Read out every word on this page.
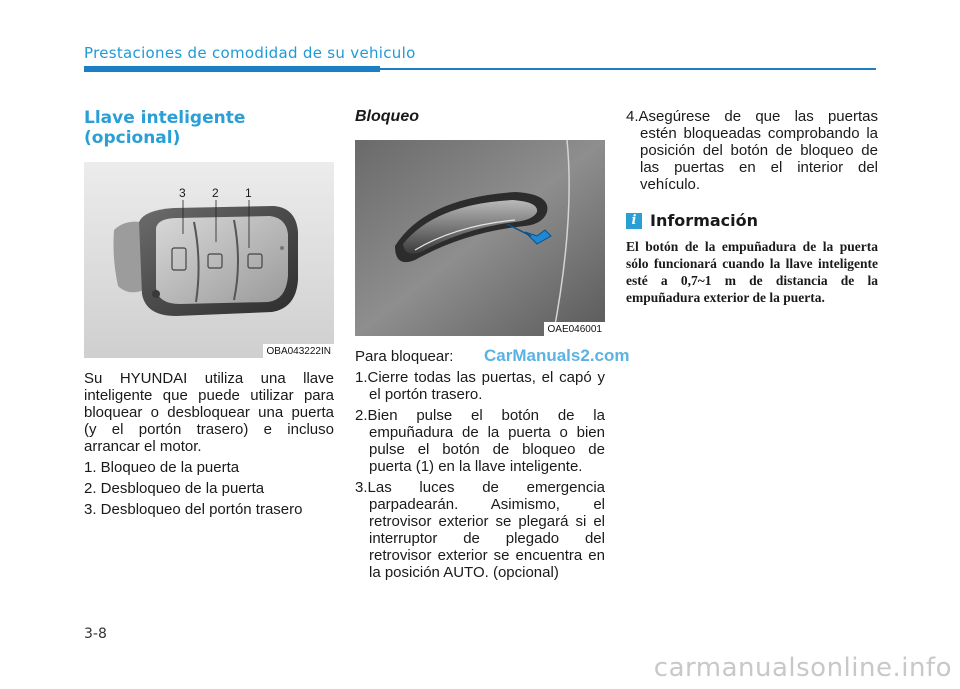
Prestaciones de comodidad de su vehiculo
Llave inteligente (opcional)
3 2 1
OBA043222IN

Su HYUNDAI utiliza una llave inteligente que puede utilizar para bloquear o desbloquear una puerta (y el portón trasero) e incluso arrancar el motor.

1. Bloqueo de la puerta
2. Desbloqueo de la puerta
3. Desbloqueo del portón trasero
Bloqueo
OAE046001

Para bloquear:

1.Cierre todas las puertas, el capó y el portón trasero.
2.Bien pulse el botón de la empuñadura de la puerta o bien pulse el botón de bloqueo de puerta (1) en la llave inteligente.
3.Las luces de emergencia parpadearán. Asimismo, el retrovisor exterior se plegará si el interruptor de plegado del retrovisor exterior se encuentra en la posición AUTO. (opcional)

4.Asegúrese de que las puertas estén bloqueadas comprobando la posición del botón de bloqueo de las puertas en el interior del vehículo.

i Información

El botón de la empuñadura de la puerta sólo funcionará cuando la llave inteligente esté a 0,7~1 m de distancia de la empuñadura exterior de la puerta.

CarManuals2.com
3-8
carmanualsonline.info
